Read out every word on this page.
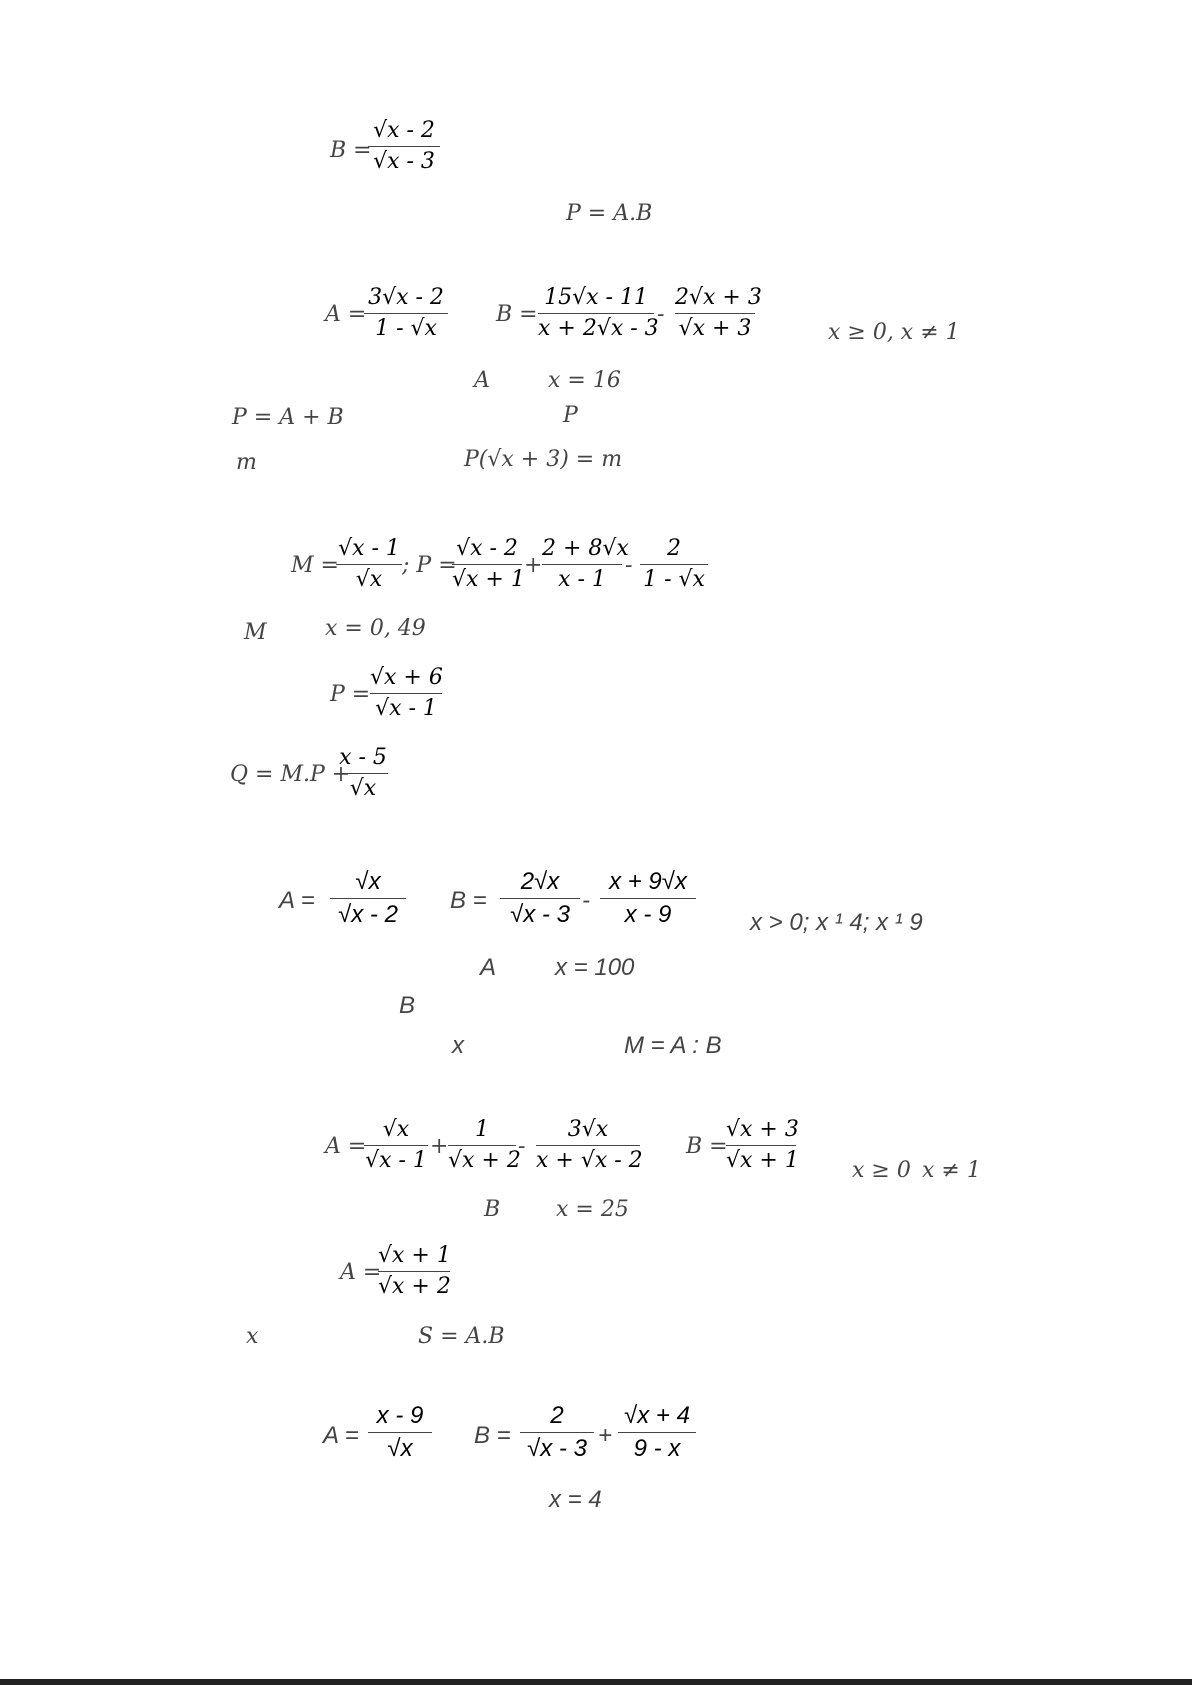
B =
√x - 2
√x - 3
P = A.B
A =
3√x - 2
1 - √x
B =
15√x - 11
x + 2√x - 3
-
2√x + 3
√x + 3	x ≥ 0, x ≠ 1
A	x = 16
P = A + B	P
m	P(√x + 3) = m
M =
√x - 1
√x
; P =
√x - 2
√x + 1
+
2 + 8√x
x - 1
-
2
1 - √x
M	x = 0, 49
P =
√x + 6
√x - 1
Q = M.P +
x - 5
√x
A =
√x
√x - 2
B =
2√x
√x - 3
-
x + 9√x
x - 9	x > 0; x ¹ 4; x ¹ 9
A x = 100
B
x	M = A : B
A =
√x
√x - 1
+
1
√x + 2
-
3√x
x + √x - 2
B =
√x + 3
√x + 1 x ≥ 0 x ≠ 1
B	x = 25
A =
√x + 1
√x + 2
x	S = A.B
A =
x - 9
√x	B =
2
√x - 3 +
√x + 4
9 - x
x = 4
